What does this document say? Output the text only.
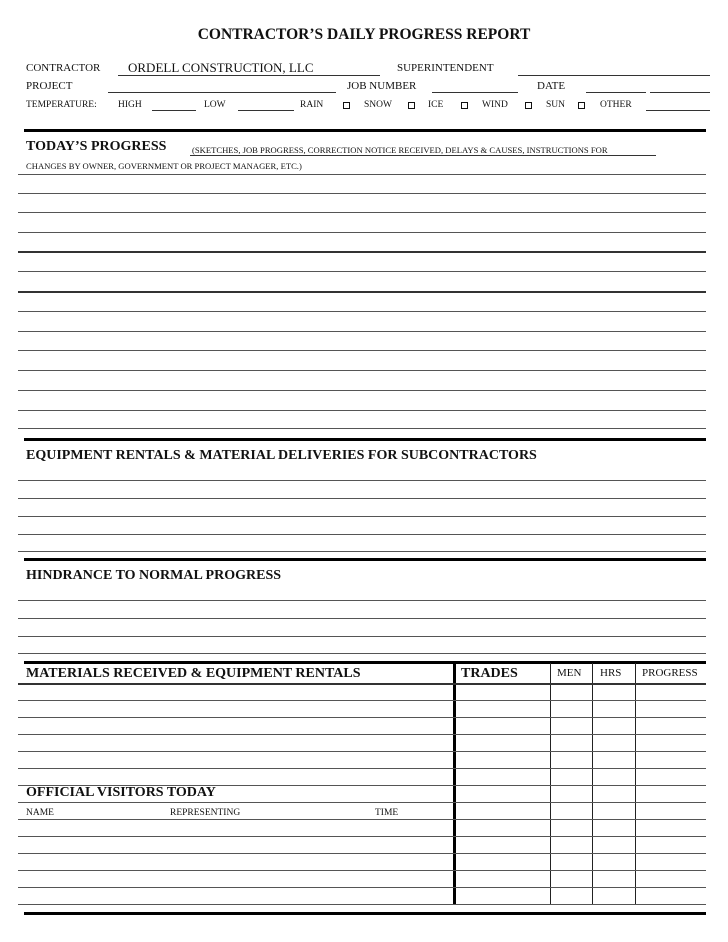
CONTRACTOR’S DAILY PROGRESS REPORT
CONTRACTOR ORDELL CONSTRUCTION, LLC	SUPERINTENDENT
PROJECT	JOB NUMBER	DATE
TEMPERATURE: HIGH	LOW	RAIN	SNOW	ICE	WIND	SUN	OTHER
TODAY’S PROGRESS	(SKETCHES, JOB PROGRESS, CORRECTION NOTICE RECEIVED, DELAYS & CAUSES, INSTRUCTIONS FOR
CHANGES BY OWNER, GOVERNMENT OR PROJECT MANAGER, ETC.)
EQUIPMENT RENTALS & MATERIAL DELIVERIES FOR SUBCONTRACTORS
HINDRANCE TO NORMAL PROGRESS
MATERIALS RECEIVED & EQUIPMENT RENTALS	TRADES	MEN HRS PROGRESS
OFFICIAL VISITORS TODAY
NAME	REPRESENTING	TIME
